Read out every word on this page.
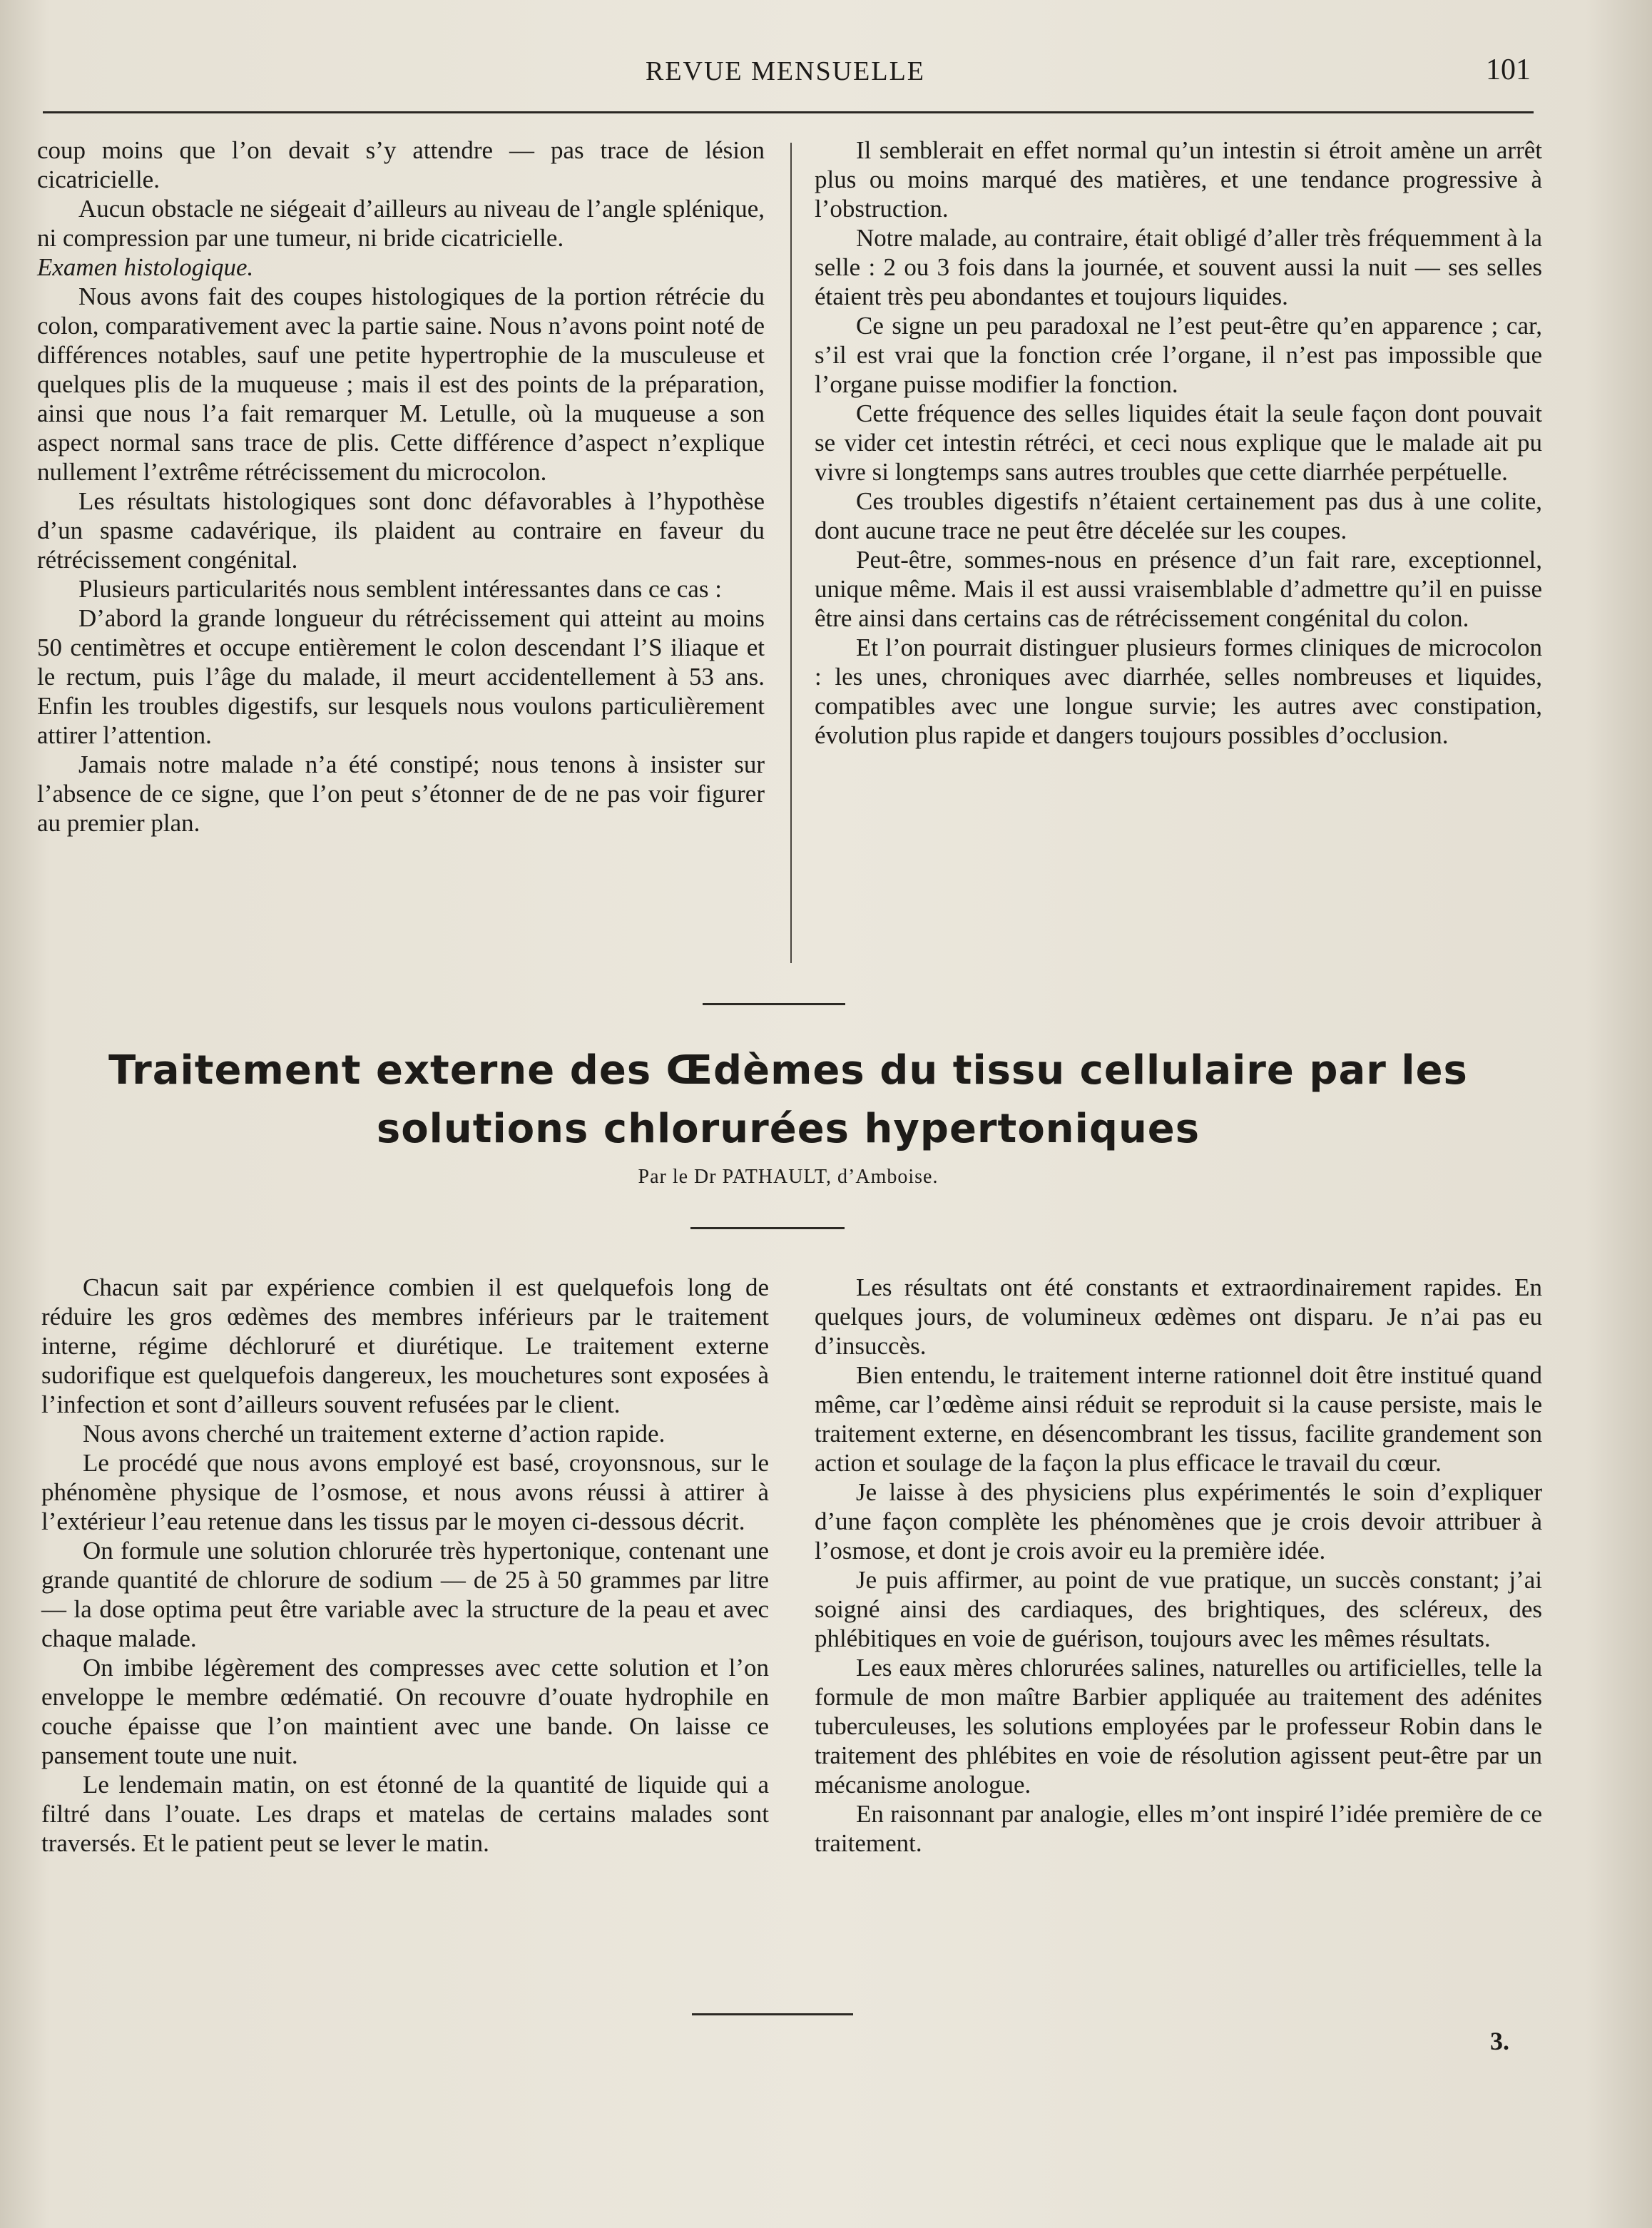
REVUE MENSUELLE	101

coup moins que l’on devait s’y attendre — pas trace de lésion cicatricielle.

Aucun obstacle ne siégeait d’ailleurs au niveau de l’angle splénique, ni compression par une tumeur, ni bride cicatricielle.

Examen histologique.

Nous avons fait des coupes histologiques de la portion rétrécie du colon, comparativement avec la partie saine. Nous n’avons point noté de différences notables, sauf une petite hypertrophie de la musculeuse et quelques plis de la muqueuse ; mais il est des points de la préparation, ainsi que nous l’a fait remarquer M. Letulle, où la muqueuse a son aspect normal sans trace de plis. Cette différence d’aspect n’explique nullement l’extrême rétrécissement du microcolon.

Les résultats histologiques sont donc défavorables à l’hypothèse d’un spasme cadavérique, ils plaident au contraire en faveur du rétrécissement congénital.

Plusieurs particularités nous semblent intéressantes dans ce cas :

D’abord la grande longueur du rétrécissement qui atteint au moins 50 centimètres et occupe entièrement le colon descendant l’S iliaque et le rectum, puis l’âge du malade, il meurt accidentellement à 53 ans. Enfin les troubles digestifs, sur lesquels nous voulons particulièrement attirer l’attention.

Jamais notre malade n’a été constipé; nous tenons à insister sur l’absence de ce signe, que l’on peut s’étonner de de ne pas voir figurer au premier plan.

Il semblerait en effet normal qu’un intestin si étroit amène un arrêt plus ou moins marqué des matières, et une tendance progressive à l’obstruction.

Notre malade, au contraire, était obligé d’aller très fréquemment à la selle : 2 ou 3 fois dans la journée, et souvent aussi la nuit — ses selles étaient très peu abondantes et toujours liquides.

Ce signe un peu paradoxal ne l’est peut-être qu’en apparence ; car, s’il est vrai que la fonction crée l’organe, il n’est pas impossible que l’organe puisse modifier la fonction.

Cette fréquence des selles liquides était la seule façon dont pouvait se vider cet intestin rétréci, et ceci nous explique que le malade ait pu vivre si longtemps sans autres troubles que cette diarrhée perpétuelle.

Ces troubles digestifs n’étaient certainement pas dus à une colite, dont aucune trace ne peut être décelée sur les coupes.

Peut-être, sommes-nous en présence d’un fait rare, exceptionnel, unique même. Mais il est aussi vraisemblable d’admettre qu’il en puisse être ainsi dans certains cas de rétrécissement congénital du colon.

Et l’on pourrait distinguer plusieurs formes cliniques de microcolon : les unes, chroniques avec diarrhée, selles nombreuses et liquides, compatibles avec une longue survie; les autres avec constipation, évolution plus rapide et dangers toujours possibles d’occlusion.

Traitement externe des Œdèmes du tissu cellulaire par les solutions chlorurées hypertoniques
Par le Dr PATHAULT, d’Amboise.

Chacun sait par expérience combien il est quelquefois long de réduire les gros œdèmes des membres inférieurs par le traitement interne, régime déchloruré et diurétique. Le traitement externe sudorifique est quelquefois dangereux, les mouchetures sont exposées à l’infection et sont d’ailleurs souvent refusées par le client.

Nous avons cherché un traitement externe d’action rapide.

Le procédé que nous avons employé est basé, croyonsnous, sur le phénomène physique de l’osmose, et nous avons réussi à attirer à l’extérieur l’eau retenue dans les tissus par le moyen ci-dessous décrit.

On formule une solution chlorurée très hypertonique, contenant une grande quantité de chlorure de sodium — de 25 à 50 grammes par litre — la dose optima peut être variable avec la structure de la peau et avec chaque malade.

On imbibe légèrement des compresses avec cette solution et l’on enveloppe le membre œdématié. On recouvre d’ouate hydrophile en couche épaisse que l’on maintient avec une bande. On laisse ce pansement toute une nuit.

Le lendemain matin, on est étonné de la quantité de liquide qui a filtré dans l’ouate. Les draps et matelas de certains malades sont traversés. Et le patient peut se lever le matin.

Les résultats ont été constants et extraordinairement rapides. En quelques jours, de volumineux œdèmes ont disparu. Je n’ai pas eu d’insuccès.

Bien entendu, le traitement interne rationnel doit être institué quand même, car l’œdème ainsi réduit se reproduit si la cause persiste, mais le traitement externe, en désencombrant les tissus, facilite grandement son action et soulage de la façon la plus efficace le travail du cœur.

Je laisse à des physiciens plus expérimentés le soin d’expliquer d’une façon complète les phénomènes que je crois devoir attribuer à l’osmose, et dont je crois avoir eu la première idée.

Je puis affirmer, au point de vue pratique, un succès constant; j’ai soigné ainsi des cardiaques, des brightiques, des scléreux, des phlébitiques en voie de guérison, toujours avec les mêmes résultats.

Les eaux mères chlorurées salines, naturelles ou artificielles, telle la formule de mon maître Barbier appliquée au traitement des adénites tuberculeuses, les solutions employées par le professeur Robin dans le traitement des phlébites en voie de résolution agissent peut-être par un mécanisme anologue.

En raisonnant par analogie, elles m’ont inspiré l’idée première de ce traitement.

3.
